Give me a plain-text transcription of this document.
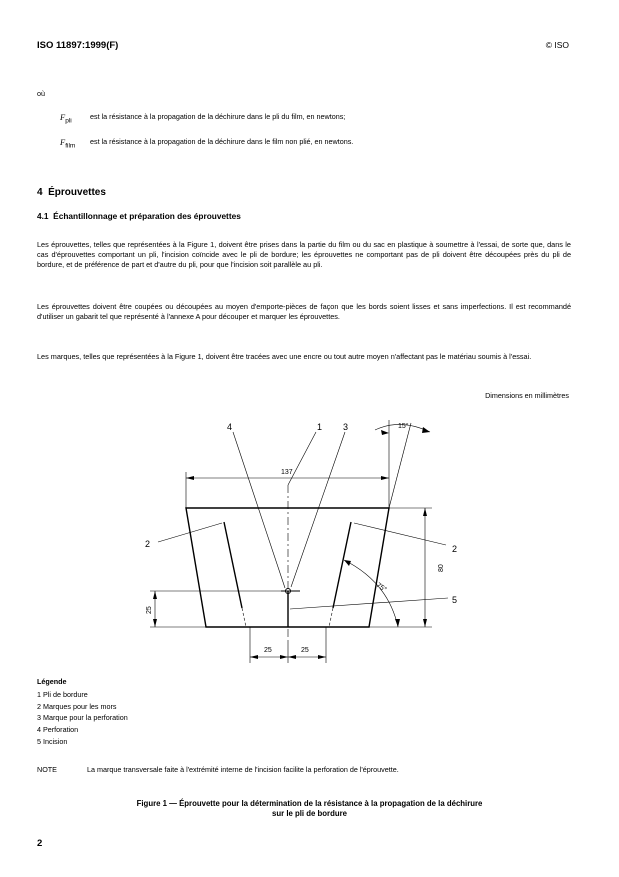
ISO 11897:1999(F)	© ISO
où
$F_{pli}$
est la résistance à la propagation de la déchirure dans le pli du film, en newtons;
$F_{film}$
est la résistance à la propagation de la déchirure dans le film non plié, en newtons.
4 Éprouvettes
4.1 Échantillonnage et préparation des éprouvettes
Les éprouvettes, telles que représentées à la Figure 1, doivent être prises dans la partie du film ou du sac en plastique à soumettre à l'essai, de sorte que, dans le cas d'éprouvettes comportant un pli, l'incision coïncide avec le pli de bordure; les éprouvettes ne comportant pas de pli doivent être découpées près du pli de bordure, et de préférence de part et d'autre du pli, pour que l'incision soit parallèle au pli.
Les éprouvettes doivent être coupées ou découpées au moyen d'emporte-pièces de façon que les bords soient lisses et sans imperfections. Il est recommandé d'utiliser un gabarit tel que représenté à l'annexe A pour découper et marquer les éprouvettes.
Les marques, telles que représentées à la Figure 1, doivent être tracées avec une encre ou tout autre moyen n'affectant pas le matériau soumis à l'essai.
Dimensions en millimètres
1 3
4
2	2
5
137
80
25
25	25
15°
75°
Légende
1 Pli de bordure
2 Marques pour les mors
3 Marque pour la perforation
4 Perforation
5 Incision
NOTE	La marque transversale faite à l'extrémité interne de l'incision facilite la perforation de l'éprouvette.
Figure 1 — Éprouvette pour la détermination de la résistance à la propagation de la déchirure
sur le pli de bordure
2
